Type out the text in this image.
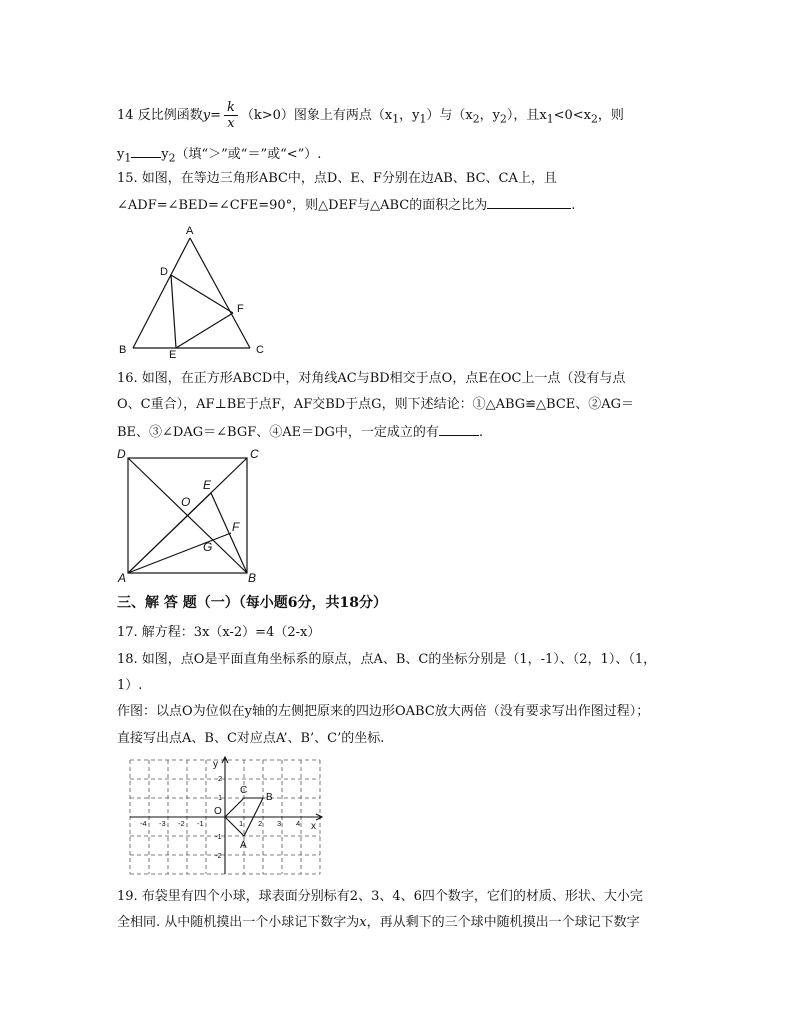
14 反比例函数$y= \frac{k}{x} (k>0)$图象上有两点（$x_1$，$y_1$）与（$x_2$，$y_2$），且$x_1<0<x_2$，则
$y_1$ $y_2$（填“＞”或“＝”或“<”）.
15. 如图，在等边三角形ABC中，点D、E、F分别在边AB、BC、CA上，且
∠ADF=∠BED=∠CFE=90°，则△DEF与△ABC的面积之比为	.
A
D
F
B	E	C
D	C
E
O
F
G
A	B
-4 -3 -2 -1	1 2 3 4
2
1
-1
-2
y
x
O
A
B
C
16. 如图，在正方形ABCD中，对角线AC与BD相交于点O，点E在OC上一点（没有与点
O、C重合），AF⊥BE于点F，AF交BD于点G，则下述结论：①△ABG≌△BCE、②AG＝
BE、③∠DAG＝∠BGF、④AE＝DG中，一定成立的有	.
三、解 答 题（一）（每小题6分，共18分）
17. 解方程：3x（x-2）=4（2-x）
18. 如图，点O是平面直角坐标系的原点，点A、B、C的坐标分别是（1，-1）、（2，1）、（1，
1）.
作图：以点O为位似在y轴的左侧把原来的四边形OABC放大两倍（没有要求写出作图过程）；
直接写出点A、B、C对应点A’、B’、C’的坐标.
19. 布袋里有四个小球，球表面分别标有2、3、4、6四个数字，它们的材质、形状、大小完
全相同. 从中随机摸出一个小球记下数字为x，再从剩下的三个球中随机摸出一个球记下数字
